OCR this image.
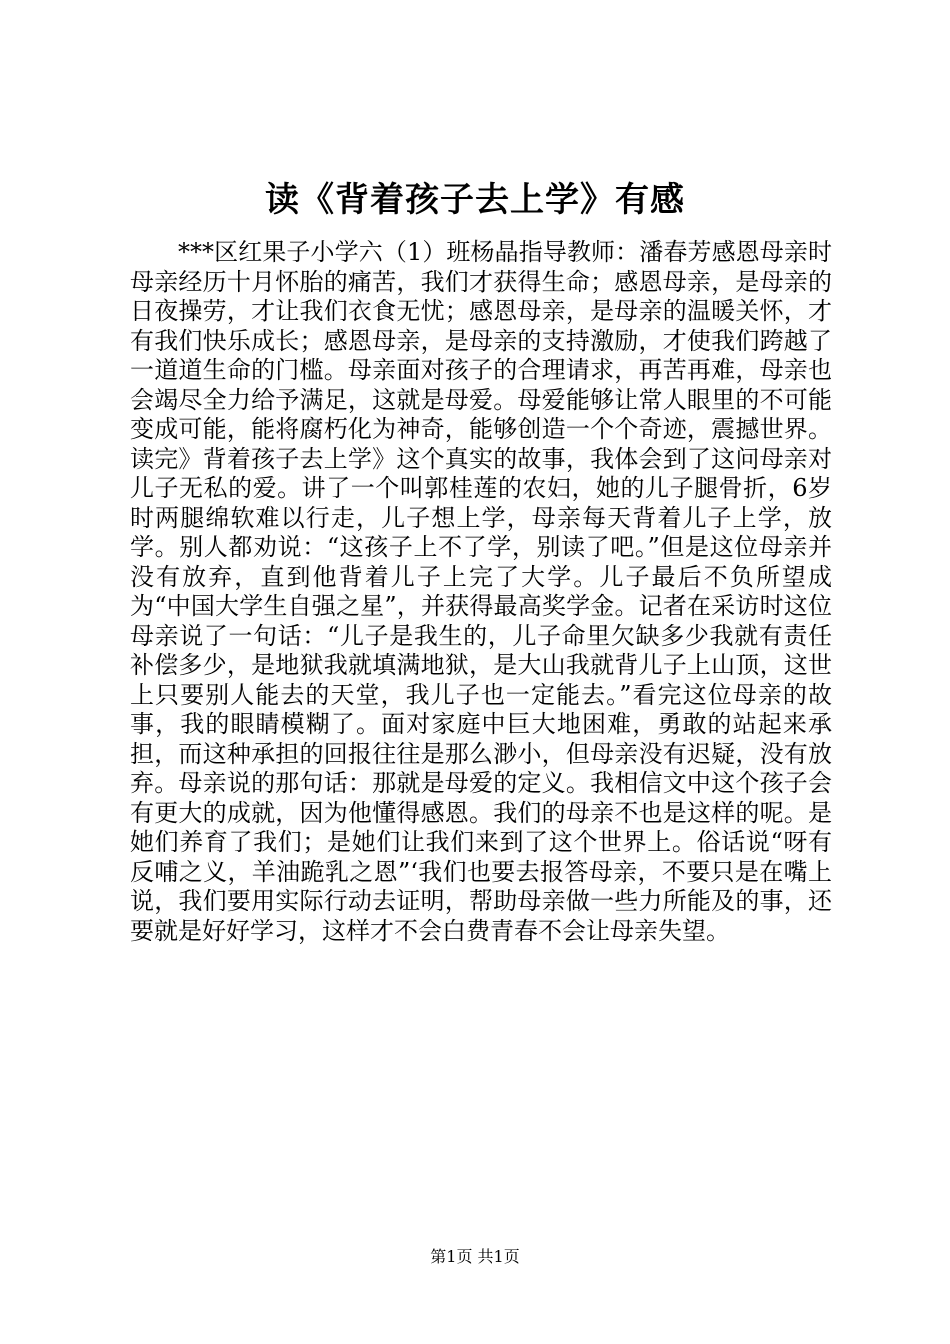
读《背着孩子去上学》有感

***区红果子小学六（1）班杨晶指导教师：潘春芳感恩母亲时母亲经历十月怀胎的痛苦，我们才获得生命；感恩母亲，是母亲的日夜操劳，才让我们衣食无忧；感恩母亲，是母亲的温暖关怀，才有我们快乐成长；感恩母亲，是母亲的支持激励，才使我们跨越了一道道生命的门槛。母亲面对孩子的合理请求，再苦再难，母亲也会竭尽全力给予满足，这就是母爱。母爱能够让常人眼里的不可能变成可能，能将腐朽化为神奇，能够创造一个个奇迹，震撼世界。读完》背着孩子去上学》这个真实的故事，我体会到了这问母亲对儿子无私的爱。讲了一个叫郭桂莲的农妇，她的儿子腿骨折，6岁时两腿绵软难以行走，儿子想上学，母亲每天背着儿子上学，放学。别人都劝说：“这孩子上不了学，别读了吧。”但是这位母亲并没有放弃，直到他背着儿子上完了大学。儿子最后不负所望成为“中国大学生自强之星”，并获得最高奖学金。记者在采访时这位母亲说了一句话：“儿子是我生的，儿子命里欠缺多少我就有责任补偿多少，是地狱我就填满地狱，是大山我就背儿子上山顶，这世上只要别人能去的天堂，我儿子也一定能去。”看完这位母亲的故事，我的眼睛模糊了。面对家庭中巨大地困难，勇敢的站起来承担，而这种承担的回报往往是那么渺小，但母亲没有迟疑，没有放弃。母亲说的那句话：那就是母爱的定义。我相信文中这个孩子会有更大的成就，因为他懂得感恩。我们的母亲不也是这样的呢。是她们养育了我们；是她们让我们来到了这个世界上。俗话说“呀有反哺之义，羊油跪乳之恩”‘我们也要去报答母亲，不要只是在嘴上说，我们要用实际行动去证明，帮助母亲做一些力所能及的事，还要就是好好学习，这样才不会白费青春不会让母亲失望。

第1页 共1页
